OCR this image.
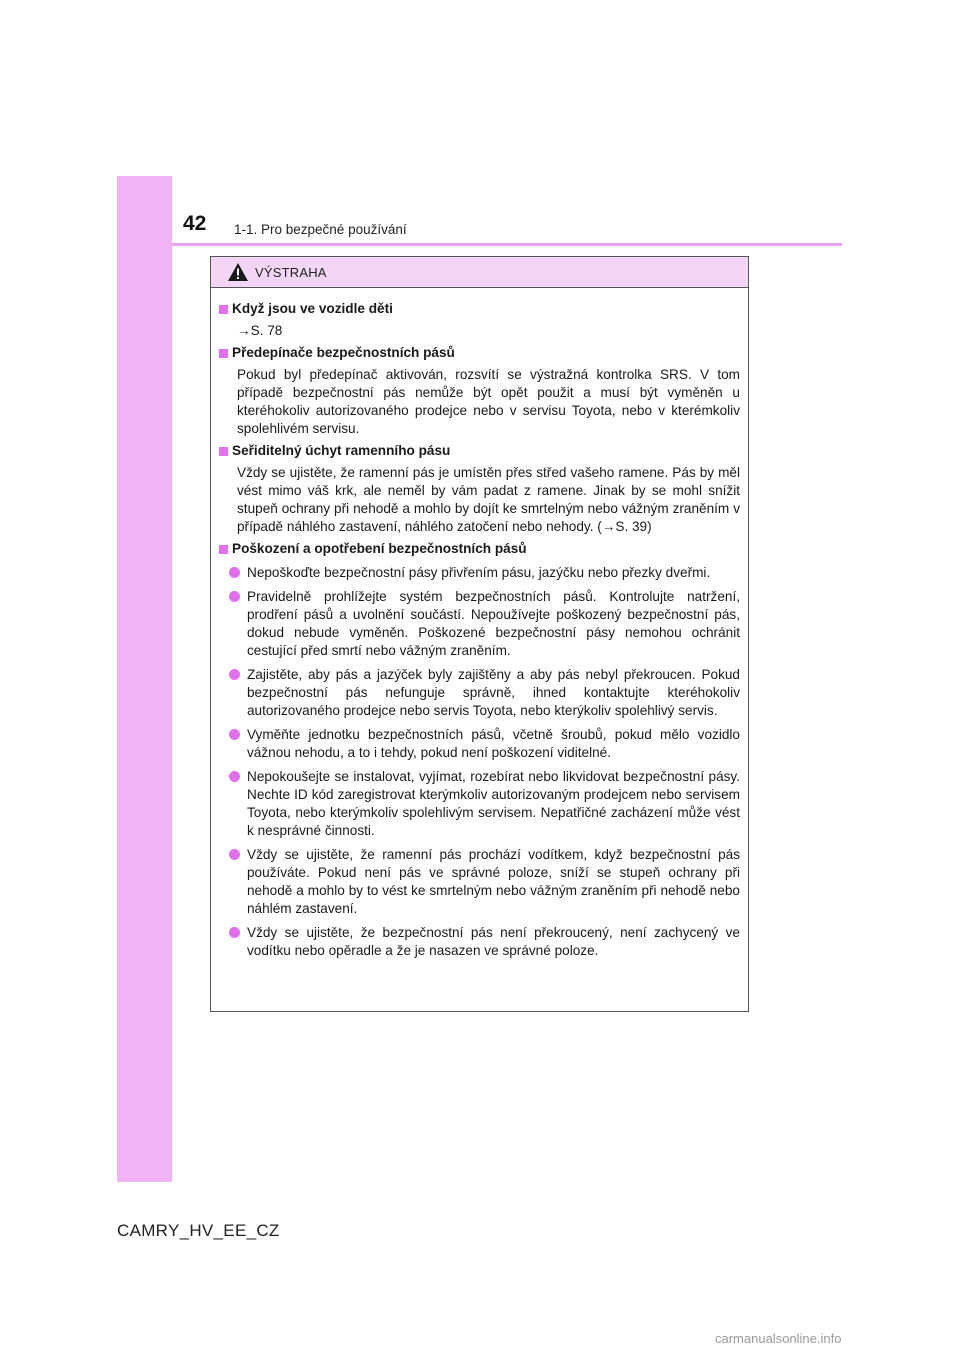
42 1-1. Pro bezpečné používání
VÝSTRAHA
Když jsou ve vozidle děti
→S. 78
Předepínače bezpečnostních pásů
Pokud byl předepínač aktivován, rozsvítí se výstražná kontrolka SRS. V tom případě bezpečnostní pás nemůže být opět použit a musí být vyměněn u kteréhokoliv autorizovaného prodejce nebo v servisu Toyota, nebo v kterémkoliv spolehlivém servisu.
Seřiditelný úchyt ramenního pásu
Vždy se ujistěte, že ramenní pás je umístěn přes střed vašeho ramene. Pás by měl vést mimo váš krk, ale neměl by vám padat z ramene. Jinak by se mohl snížit stupeň ochrany při nehodě a mohlo by dojít ke smrtelným nebo vážným zraněním v případě náhlého zastavení, náhlého zatočení nebo nehody. (→S. 39)
Poškození a opotřebení bezpečnostních pásů
Nepoškoďte bezpečnostní pásy přivřením pásu, jazýčku nebo přezky dveřmi.
Pravidelně prohlížejte systém bezpečnostních pásů. Kontrolujte natržení, prodření pásů a uvolnění součástí. Nepoužívejte poškozený bezpečnostní pás, dokud nebude vyměněn. Poškozené bezpečnostní pásy nemohou ochránit cestující před smrtí nebo vážným zraněním.
Zajistěte, aby pás a jazýček byly zajištěny a aby pás nebyl překroucen. Pokud bezpečnostní pás nefunguje správně, ihned kontaktujte kteréhokoliv autorizovaného prodejce nebo servis Toyota, nebo kterýkoliv spolehlivý servis.
Vyměňte jednotku bezpečnostních pásů, včetně šroubů, pokud mělo vozidlo vážnou nehodu, a to i tehdy, pokud není poškození viditelné.
Nepokoušejte se instalovat, vyjímat, rozebírat nebo likvidovat bezpečnostní pásy. Nechte ID kód zaregistrovat kterýmkoliv autorizovaným prodejcem nebo servisem Toyota, nebo kterýmkoliv spolehlivým servisem. Nepatřičné zacházení může vést k nesprávné činnosti.
Vždy se ujistěte, že ramenní pás prochází vodítkem, když bezpečnostní pás používáte. Pokud není pás ve správné poloze, sníží se stupeň ochrany při nehodě a mohlo by to vést ke smrtelným nebo vážným zraněním při nehodě nebo náhlém zastavení.
Vždy se ujistěte, že bezpečnostní pás není překroucený, není zachycený ve vodítku nebo opěradle a že je nasazen ve správné poloze.
CAMRY_HV_EE_CZ
carmanualsonline.info
